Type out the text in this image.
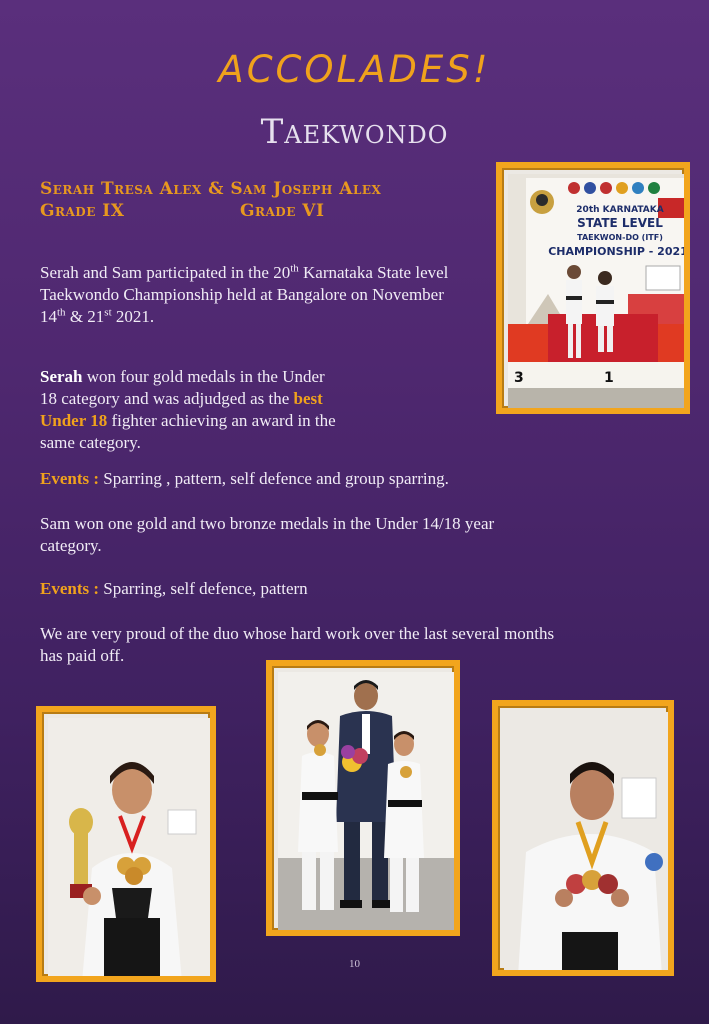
ACCOLADES!
Taekwondo
Serah Tresa Alex & Sam Joseph Alex
Grade IX	Grade VI
Serah and Sam participated in the 20th Karnataka State level Taekwondo Championship held at Bangalore on November 14th & 21st 2021.
Serah won four gold medals in the Under 18 category and was adjudged as the best Under 18 fighter achieving an award in the same category.
Events : Sparring , pattern, self defence and group sparring.
Sam won one gold and two bronze medals in the Under 14/18 year category.
Events : Sparring, self defence, pattern
We are very proud of the duo whose hard work over the last several months has paid off.
20th KARNATAKA
STATE LEVEL
TAEKWON-DO (ITF)
CHAMPIONSHIP - 2021
3	1
10
